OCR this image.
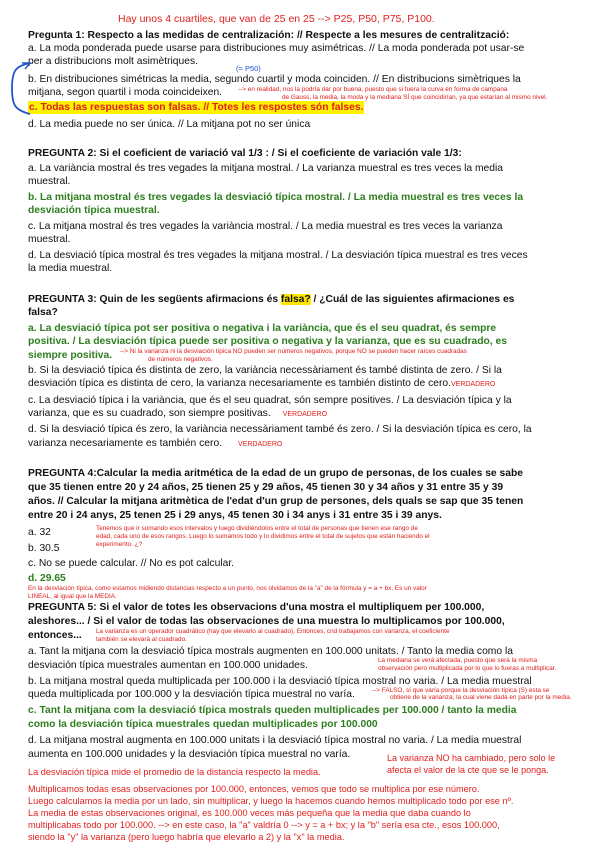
Hay unos 4 cuartiles, que van de 25 en 25 --> P25, P50, P75, P100.
Pregunta 1: Respecto a las medidas de centralización: // Respecte a les mesures de centralització:
a. La moda ponderada puede usarse para distribuciones muy asimétricas. // La moda ponderada pot usar-se
per a distribucions molt asimètriques.
(= P50)
b. En distribuciones simétricas la media, segundo cuartil y moda coinciden. // En distribucions simètriques la
mitjana, segon quartil i moda coincideixen. --> en realidad, nos la podría dar por buena, puesto que si fuera la curva en forma de campana
de Gauss, la media, la moda y la mediana SÍ que coincidirían, ya que estarían al mismo nivel.
c. Todas las respuestas son falsas. // Totes les respostes són falses.
d. La media puede no ser única. // La mitjana pot no ser única
PREGUNTA 2: Si el coeficient de variació val 1/3 : / Si el coeficiente de variación vale 1/3:
a. La variància mostral és tres vegades la mitjana mostral. / La varianza muestral es tres veces la media
muestral.
b. La mitjana mostral és tres vegades la desviació típica mostral. / La media muestral es tres veces la
desviación típica muestral.
c. La mitjana mostral és tres vegades la variància mostral. / La media muestral es tres veces la varianza
muestral.
d. La desviació típica mostral és tres vegades la mitjana mostral. / La desviación típica muestral es tres veces
la media muestral.
PREGUNTA 3: Quin de les següents afirmacions és falsa? / ¿Cuál de las siguientes afirmaciones es
falsa?
a. La desviació típica pot ser positiva o negativa i la variància, que és el seu quadrat, és sempre
positiva. / La desviación típica puede ser positiva o negativa y la varianza, que es su cuadrado, es
siempre positiva. --> Ni la varianza ni la desviación típica NO pueden ser números negativos, porque NO se pueden hacer raíces cuadradas
de números negativos.
b. Si la desviació típica és distinta de zero, la variància necessàriament és també distinta de zero. / Si la
desviación típica es distinta de cero, la varianza necesariamente es también distinto de cero.VERDADERO
c. La desviació típica i la variància, que és el seu quadrat, són sempre positives. / La desviación típica y la
varianza, que es su cuadrado, son siempre positivas. VERDADERO
d. Si la desviació típica és zero, la variància necessàriament també és zero. / Si la desviación típica es cero, la
varianza necesariamente es también cero. VERDADERO
PREGUNTA 4:Calcular la media aritmética de la edad de un grupo de personas, de los cuales se sabe
que 35 tienen entre 20 y 24 años, 25 tienen 25 y 29 años, 45 tienen 30 y 34 años y 31 entre 35 y 39
años. // Calcular la mitjana aritmètica de l'edat d'un grup de persones, dels quals se sap que 35 tenen
entre 20 i 24 anys, 25 tenen 25 i 29 anys, 45 tenen 30 i 34 anys i 31 entre 35 i 39 anys.
a. 32	Tenemos que ir sumando esos intervalos y luego dividiéndolos entre el total de personas que tienen ese rango de
edad, cada uno de esos rangos. Luego lo sumamos todo y lo dividimos entre el total de sujetos que están haciendo el
experimento. ¿?
b. 30.5
c. No se puede calcular. // No es pot calcular.
d. 29.65
En la desviación típica, como estamos midiendo distancias respecto a un punto, nos olvidamos de la "a" de la fórmula y = a + bx. Es un valor
LINEAL, al igual que la MEDIA.
PREGUNTA 5: Si el valor de totes les observacions d'una mostra el multipliquem per 100.000,
aleshores... / Si el valor de todas las observaciones de una muestra lo multiplicamos por 100.000,
entonces... La varianza es un operador cuadrático (hay que elevarlo al cuadrado), Entonces, cnd trabajamos con varianza, el coeficiente
también se elevará al cuadrado.
a. Tant la mitjana com la desviació típica mostrals augmenten en 100.000 unitats. / Tanto la media como la
desviación típica muestrales aumentan en 100.000 unidades.	La mediana se verá afectada, puesto que será la misma
observación pero multiplicada por lo que lo fueras a multiplicar.
b. La mitjana mostral queda multiplicada per 100.000 i la desviació típica mostral no varia. / La media muestral
queda multiplicada por 100.000 y la desviación típica muestral no varía.	--> FALSO, sí que varía porque la desviación típica (S) esta se
obtiene de la varianza, la cual viene dada en parte por la media.
c. Tant la mitjana com la desviació típica mostrals queden multiplicades per 100.000 / tanto la media
como la desviación típica muestrales quedan multiplicades por 100.000
d. La mitjana mostral augmenta en 100.000 unitats i la desviació típica mostral no varia. / La media muestral
aumenta en 100.000 unidades y la desviación típica muestral no varía.	La varianza NO ha cambiado, pero solo le
afecta el valor de la cte que se le ponga.
La desviación típica mide el promedio de la distancia respecto la media.
Multiplicamos todas esas observaciones por 100.000, entonces, vemos que todo se multiplica por ese número.
Luego calculamos la media por un lado, sin multiplicar, y luego la hacemos cuando hemos multiplicado todo por ese nº.
La media de estas observaciones original, es 100.000 veces más pequeña que la media que daba cuando lo
multiplicabas todo por 100.000. --> en este caso, la "a" valdría 0 --> y = a + bx; y la "b" sería esa cte., esos 100.000,
siendo la "y" la varianza (pero luego habría que elevarlo a 2) y la "x" la media.
